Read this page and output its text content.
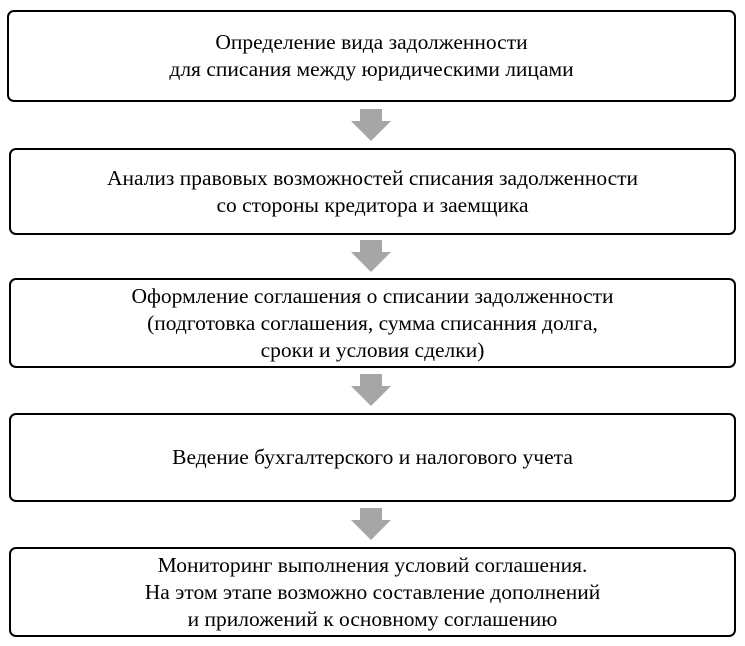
Определение вида задолженности
для списания между юридическими лицами
Анализ правовых возможностей списания задолженности
со стороны кредитора и заемщика
Оформление соглашения о списании задолженности
(подготовка соглашения, сумма списанния долга,
сроки и условия сделки)
Ведение бухгалтерского и налогового учета
Мониторинг выполнения условий соглашения.
На этом этапе возможно составление дополнений
и приложений к основному соглашению
